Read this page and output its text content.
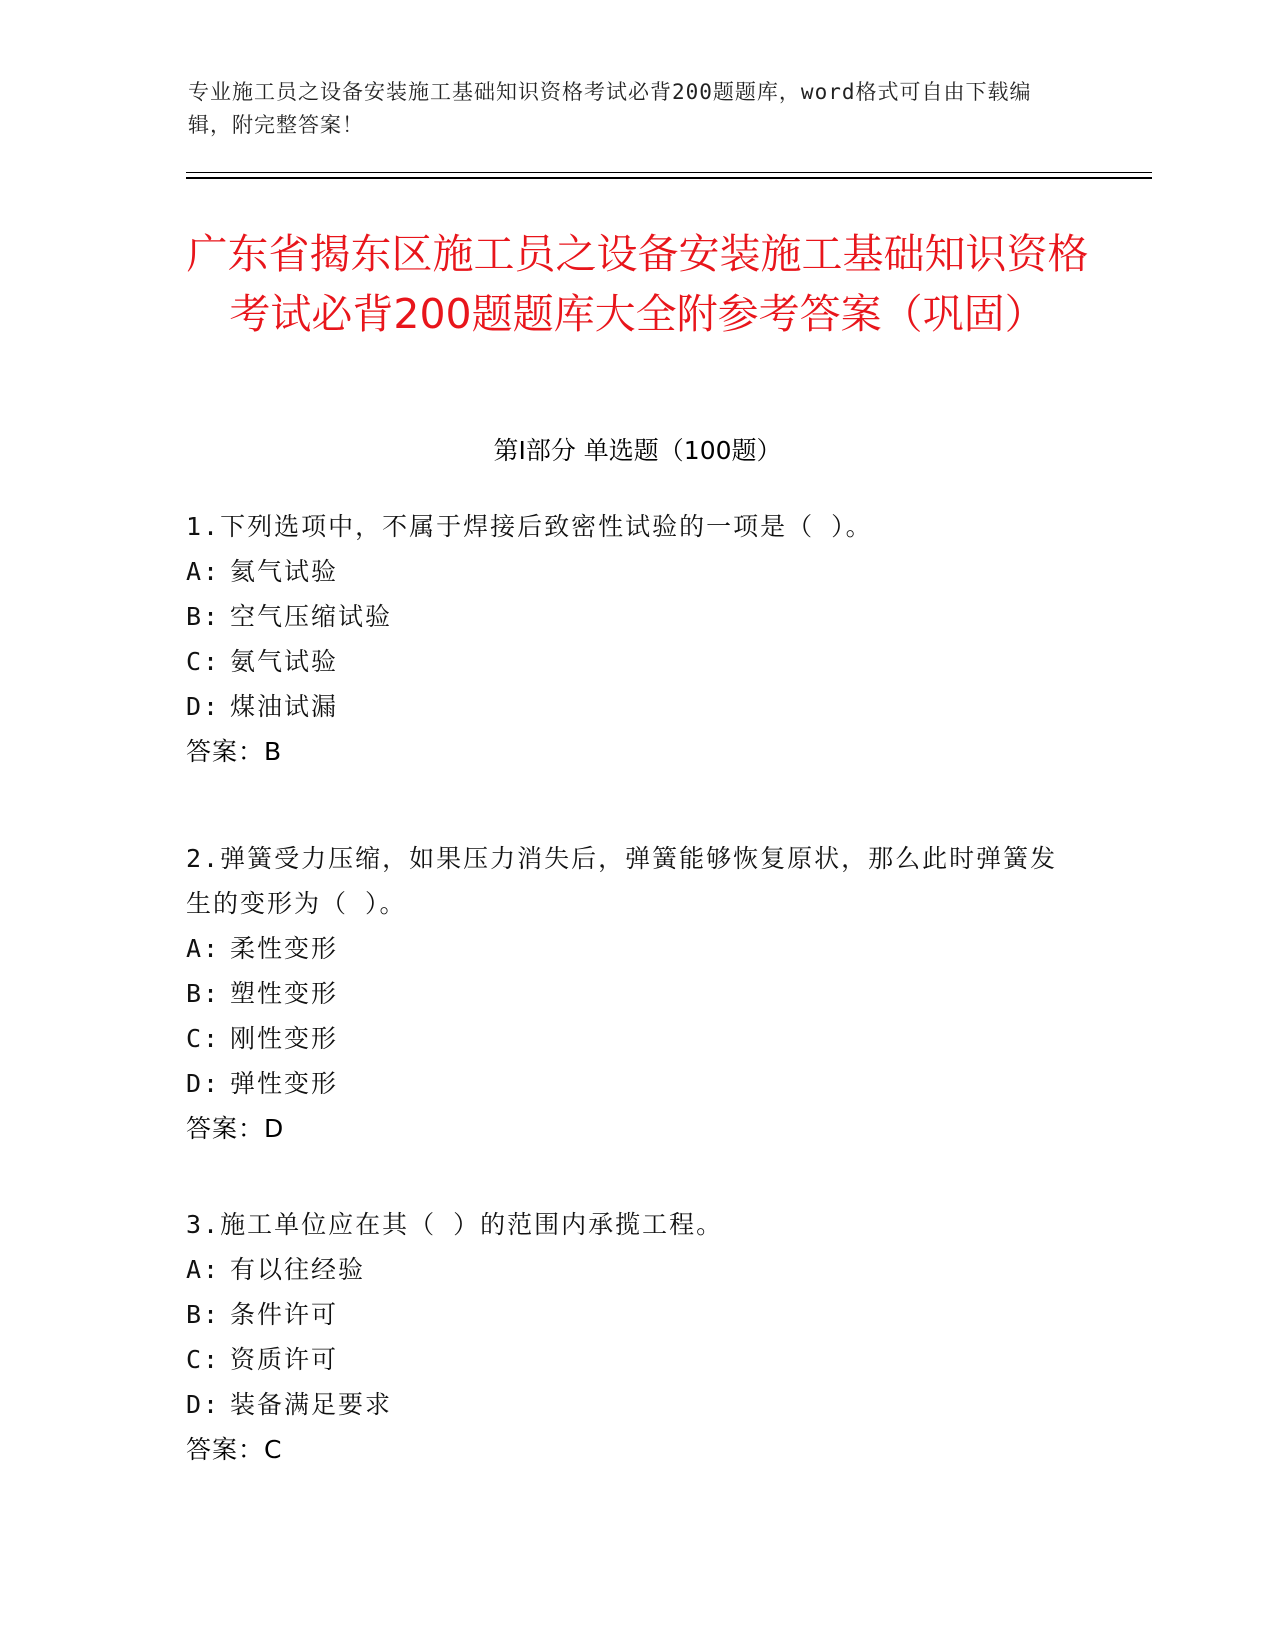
专业施工员之设备安装施工基础知识资格考试必背200题题库，word格式可自由下载编辑，附完整答案！
广东省揭东区施工员之设备安装施工基础知识资格考试必背200题题库大全附参考答案（巩固）
第I部分 单选题（100题）
1.下列选项中，不属于焊接后致密性试验的一项是（ ）。
A: 氦气试验
B: 空气压缩试验
C: 氨气试验
D: 煤油试漏
答案：B
2.弹簧受力压缩，如果压力消失后，弹簧能够恢复原状，那么此时弹簧发生的变形为（ ）。
A: 柔性变形
B: 塑性变形
C: 刚性变形
D: 弹性变形
答案：D
3.施工单位应在其（ ）的范围内承揽工程。
A: 有以往经验
B: 条件许可
C: 资质许可
D: 装备满足要求
答案：C
